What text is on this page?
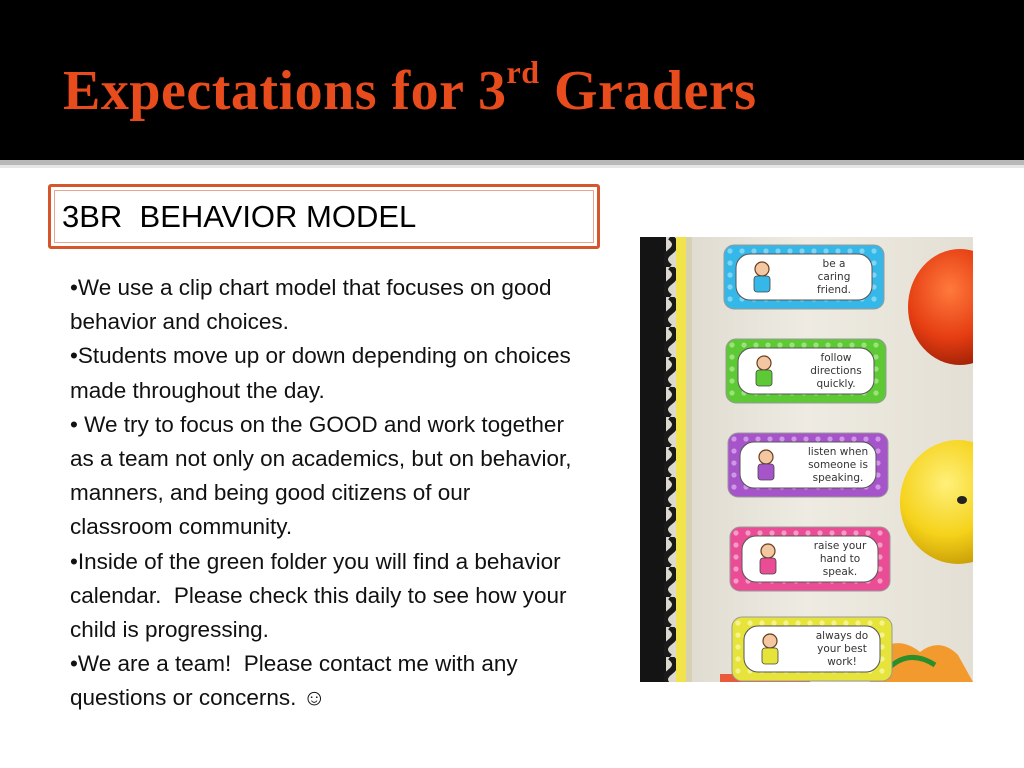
Expectations for 3rd Graders
3BR  BEHAVIOR MODEL
•We use a clip chart model that focuses on good behavior and choices.
•Students move up or down depending on choices made throughout the day.
• We try to focus on the GOOD and work together as a team not only on academics, but on behavior, manners, and being good citizens of our classroom community.
•Inside of the green folder you will find a behavior calendar.  Please check this daily to see how your child is progressing.
•We are a team!  Please contact me with any questions or concerns. ☺
be a
caring
friend.
follow
directions
quickly.
listen when
someone is
speaking.
raise your
hand to
speak.
always do
your best
work!
